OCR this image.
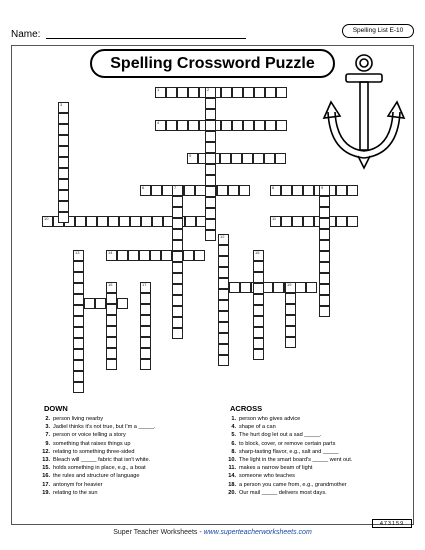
Name:	Spelling List E-10
Spelling Crossword Puzzle
1
4
5
6	8
10	11
14
3
2
9
7
13
16	17
15
19
12
DOWN
2. person living nearby
3. Jadiel thinks it's not true, but I'm a _____.
7. person or voice telling a story
9. something that raises things up
12. relating to something three-sided
13. Bleach will _____ fabric that isn't white.
15. holds something in place, e.g., a boat
16. the rules and structure of language
17. antonym for heavier
19. relating to the sun
ACROSS
1. person who gives advice
4. shape of a can
5. The hurt dog let out a sad _____.
6. to block, cover, or remove certain parts
8. sharp-tasting flavor, e.g., salt and _____
10. The light in the smart board's _____ went out.
11. makes a narrow beam of light
14. someone who teaches
18. a person you came from, e.g., grandmother
20. Our mail _____ delivers most days.
Super Teacher Worksheets - www.superteacherworksheets.com
473159
